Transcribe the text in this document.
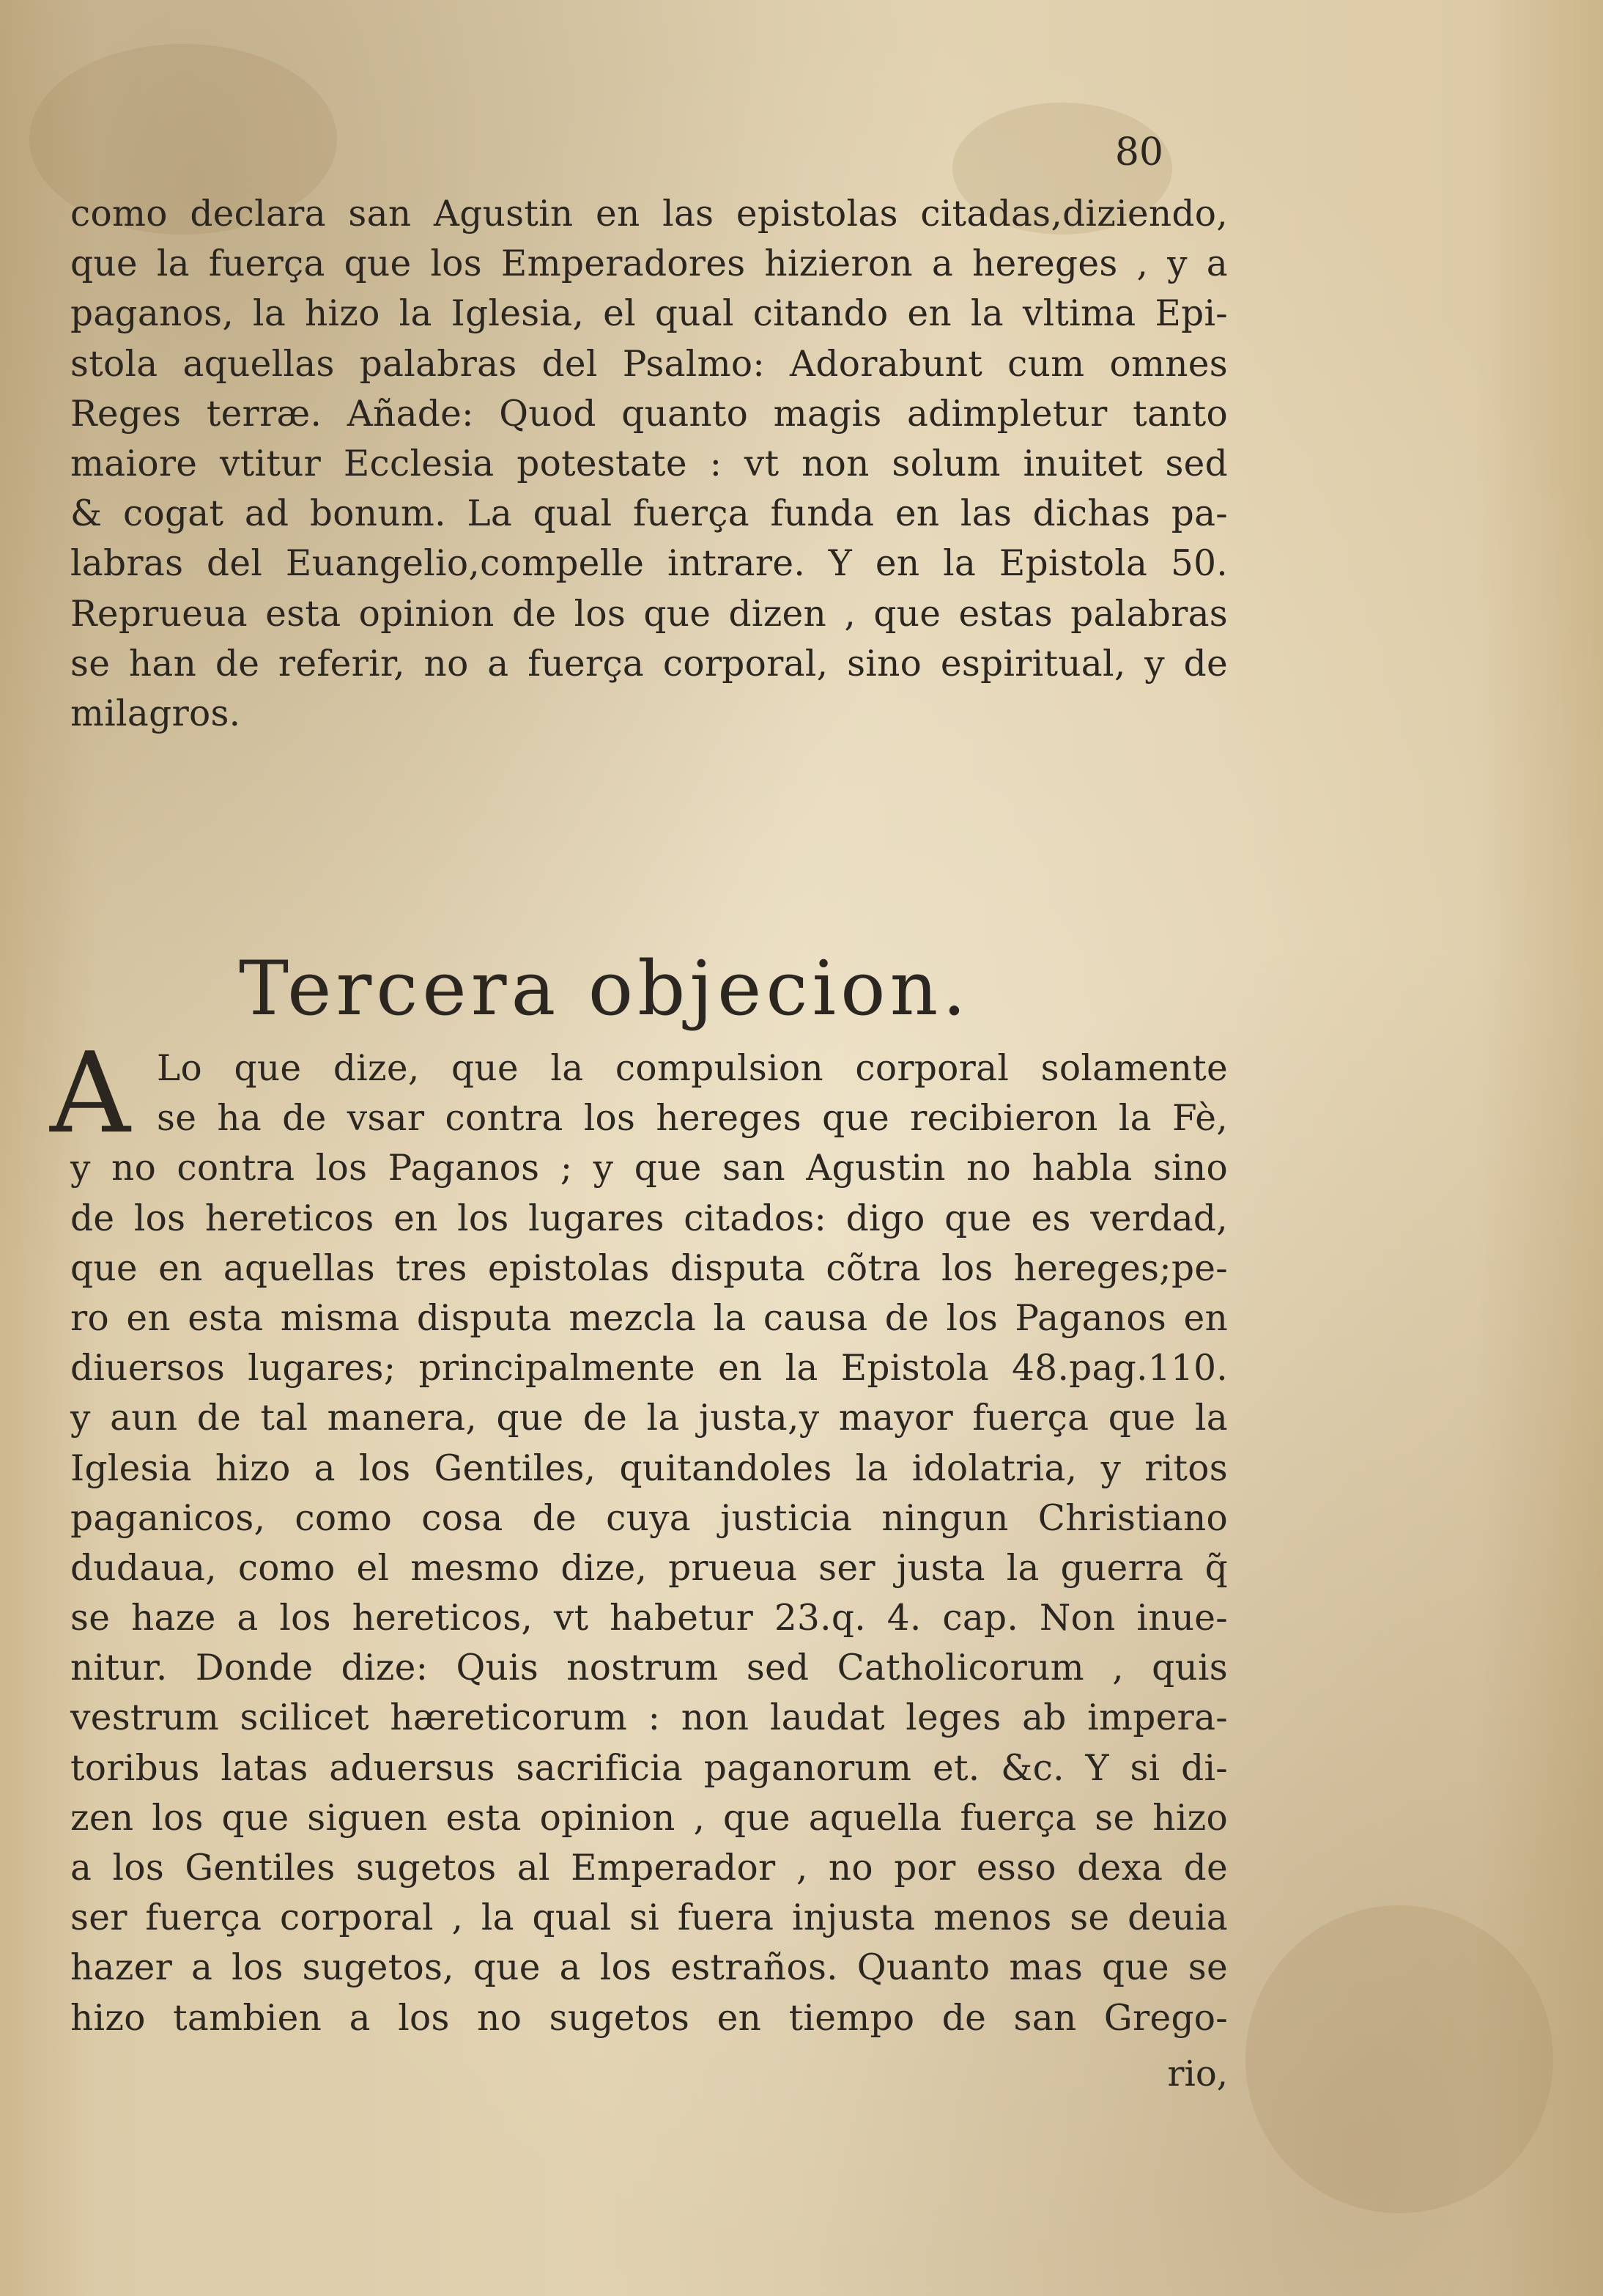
80
como declara san Agustin en las epistolas citadas,diziendo,
que la fuerça que los Emperadores hizieron a hereges , y a
paganos, la hizo la Iglesia, el qual citando en la vltima Epi-
stola aquellas palabras del Psalmo: Adorabunt cum omnes
Reges terræ. Añade: Quod quanto magis adimpletur tanto
maiore vtitur Ecclesia potestate : vt non solum inuitet sed
& cogat ad bonum. La qual fuerça funda en las dichas pa-
labras del Euangelio,compelle intrare. Y en la Epistola 50.
Reprueua esta opinion de los que dizen , que estas palabras
se han de referir, no a fuerça corporal, sino espiritual, y de
milagros.
Tercera objecion.
A Lo que dize, que la compulsion corporal solamente
se ha de vsar contra los hereges que recibieron la Fè,
y no contra los Paganos ; y que san Agustin no habla sino
de los hereticos en los lugares citados: digo que es verdad,
que en aquellas tres epistolas disputa cõtra los hereges;pe-
ro en esta misma disputa mezcla la causa de los Paganos en
diuersos lugares; principalmente en la Epistola 48.pag.110.
y aun de tal manera, que de la justa,y mayor fuerça que la
Iglesia hizo a los Gentiles, quitandoles la idolatria, y ritos
paganicos, como cosa de cuya justicia ningun Christiano
dudaua, como el mesmo dize, prueua ser justa la guerra q̃
se haze a los hereticos, vt habetur 23.q. 4. cap. Non inue-
nitur. Donde dize: Quis nostrum sed Catholicorum , quis
vestrum scilicet hæreticorum : non laudat leges ab impera-
toribus latas aduersus sacrificia paganorum et. &c. Y si di-
zen los que siguen esta opinion , que aquella fuerça se hizo
a los Gentiles sugetos al Emperador , no por esso dexa de
ser fuerça corporal , la qual si fuera injusta menos se deuia
hazer a los sugetos, que a los estraños. Quanto mas que se
hizo tambien a los no sugetos en tiempo de san Grego-
rio,
